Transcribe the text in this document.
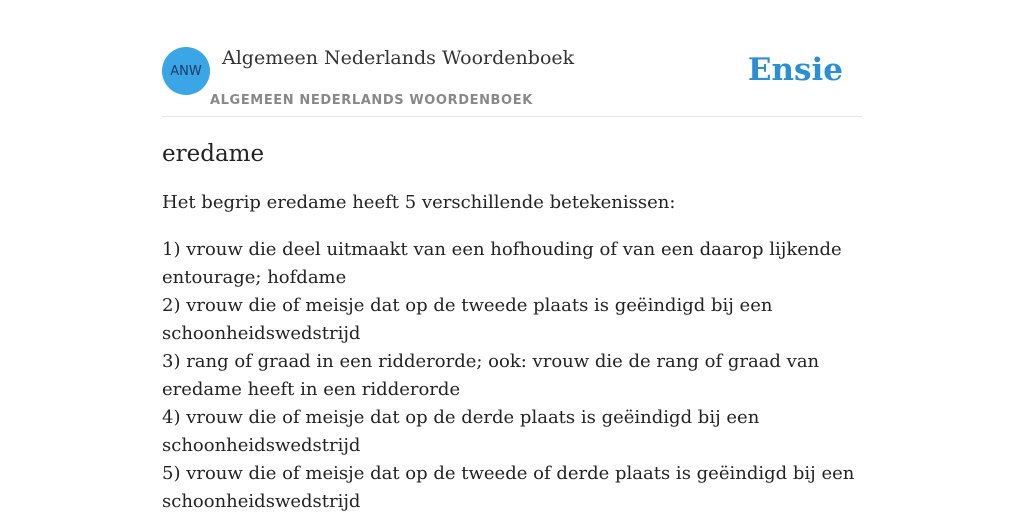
ANW
Algemeen Nederlands Woordenboek
ALGEMEEN NEDERLANDS WOORDENBOEK
Ensie
eredame

Het begrip eredame heeft 5 verschillende betekenissen:

1) vrouw die deel uitmaakt van een hofhouding of van een daarop lijkende entourage; hofdame
2) vrouw die of meisje dat op de tweede plaats is geëindigd bij een schoonheidswedstrijd
3) rang of graad in een ridderorde; ook: vrouw die de rang of graad van eredame heeft in een ridderorde
4) vrouw die of meisje dat op de derde plaats is geëindigd bij een schoonheidswedstrijd
5) vrouw die of meisje dat op de tweede of derde plaats is geëindigd bij een schoonheidswedstrijd
